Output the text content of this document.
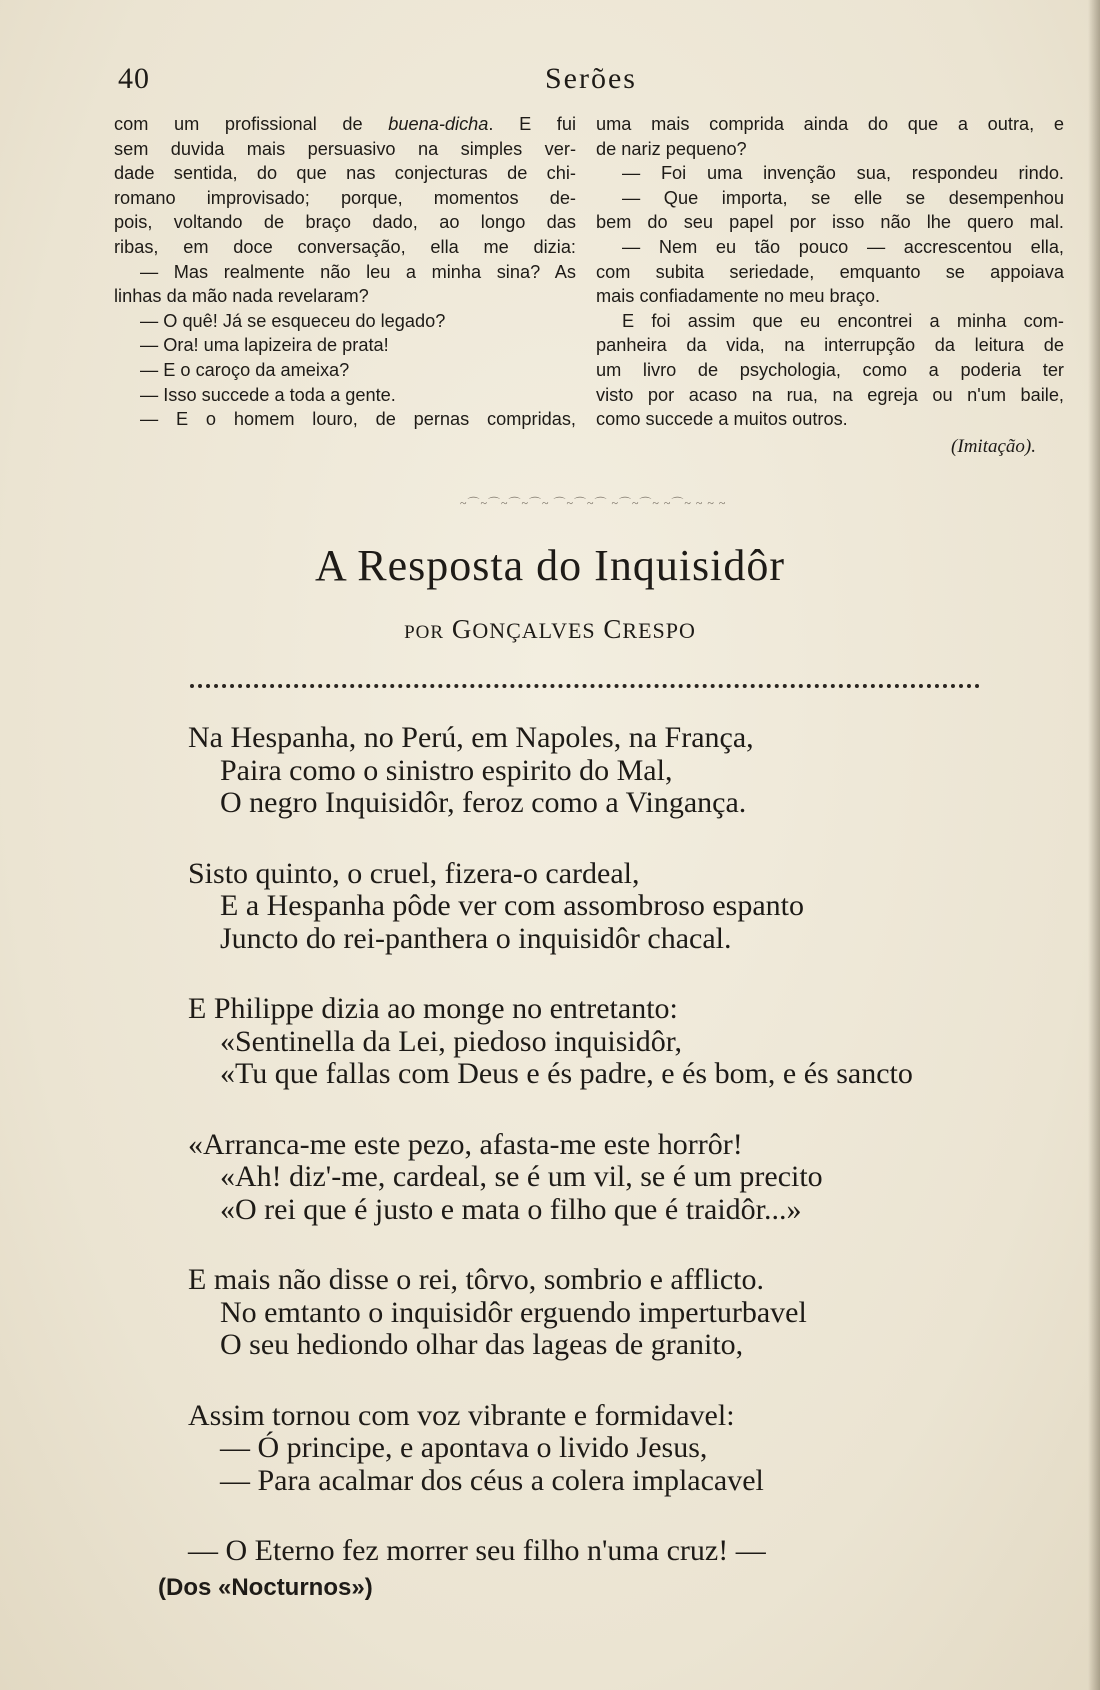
40	Serões
com um profissional de buena-dicha. E fui
sem duvida mais persuasivo na simples ver-
dade sentida, do que nas conjecturas de chi-
romano improvisado; porque, momentos de-
pois, voltando de braço dado, ao longo das
ribas, em doce conversação, ella me dizia:
— Mas realmente não leu a minha sina? As
linhas da mão nada revelaram?
— O quê! Já se esqueceu do legado?
— Ora! uma lapizeira de prata!
— E o caroço da ameixa?
— Isso succede a toda a gente.
— E o homem louro, de pernas compridas,
uma mais comprida ainda do que a outra, e
de nariz pequeno?
— Foi uma invenção sua, respondeu rindo.
— Que importa, se elle se desempenhou
bem do seu papel por isso não lhe quero mal.
— Nem eu tão pouco — accrescentou ella,
com subita seriedade, emquanto se appoiava
mais confiadamente no meu braço.
E foi assim que eu encontrei a minha com-
panheira da vida, na interrupção da leitura de
um livro de psychologia, como a poderia ter
visto por acaso na rua, na egreja ou n'um baile,
como succede a muitos outros.
(Imitação).
~⌒~⌒~⌒~⌒~ ⌒~⌒~⌒ ~⌒~⌒~ ~⌒~ ~ ~ ~
A Resposta do Inquisidôr
POR GONÇALVES CRESPO
Na Hespanha, no Perú, em Napoles, na França,
Paira como o sinistro espirito do Mal,
O negro Inquisidôr, feroz como a Vingança.
Sisto quinto, o cruel, fizera-o cardeal,
E a Hespanha pôde ver com assombroso espanto
Juncto do rei-panthera o inquisidôr chacal.
E Philippe dizia ao monge no entretanto:
«Sentinella da Lei, piedoso inquisidôr,
«Tu que fallas com Deus e és padre, e és bom, e és sancto
«Arranca-me este pezo, afasta-me este horrôr!
«Ah! diz'-me, cardeal, se é um vil, se é um precito
«O rei que é justo e mata o filho que é traidôr...»
E mais não disse o rei, tôrvo, sombrio e afflicto.
No emtanto o inquisidôr erguendo imperturbavel
O seu hediondo olhar das lageas de granito,
Assim tornou com voz vibrante e formidavel:
— Ó principe, e apontava o livido Jesus,
— Para acalmar dos céus a colera implacavel
— O Eterno fez morrer seu filho n'uma cruz! —
(Dos «Nocturnos»)
